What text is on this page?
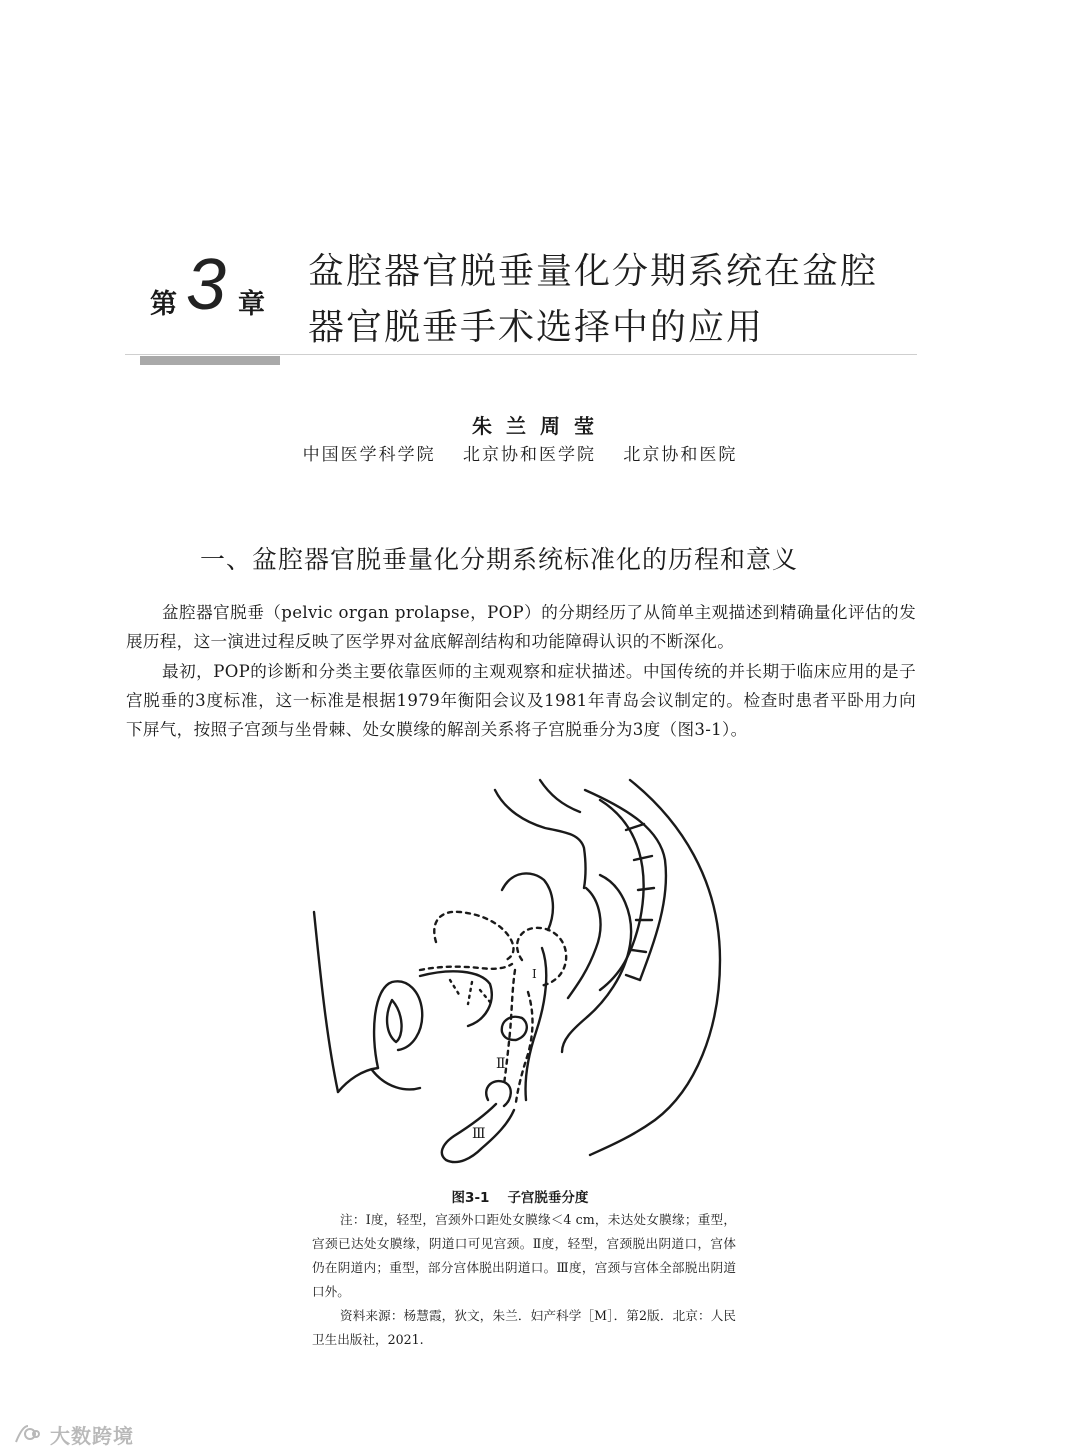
第 3 章
盆腔器官脱垂量化分期系统在盆腔
器官脱垂手术选择中的应用
朱兰周莹
中国医学科学院 北京协和医学院 北京协和医院
一、盆腔器官脱垂量化分期系统标准化的历程和意义

盆腔器官脱垂（pelvic organ prolapse，POP）的分期经历了从简单主观描述到精确量化评估的发展历程，这一演进过程反映了医学界对盆底解剖结构和功能障碍认识的不断深化。

最初，POP的诊断和分类主要依靠医师的主观观察和症状描述。中国传统的并长期于临床应用的是子宫脱垂的3度标准，这一标准是根据1979年衡阳会议及1981年青岛会议制定的。检查时患者平卧用力向下屏气，按照子宫颈与坐骨棘、处女膜缘的解剖关系将子宫脱垂分为3度（图3-1）。

Ⅱ
Ⅲ
Ⅰ
图3-1 子宫脱垂分度

注：Ⅰ度，轻型，宫颈外口距处女膜缘＜4 cm，未达处女膜缘；重型，宫颈已达处女膜缘，阴道口可见宫颈。Ⅱ度，轻型，宫颈脱出阴道口，宫体仍在阴道内；重型，部分宫体脱出阴道口。Ⅲ度，宫颈与宫体全部脱出阴道口外。

资料来源：杨慧霞，狄文，朱兰．妇产科学［M］．第2版．北京：人民卫生出版社，2021.

大数跨境
